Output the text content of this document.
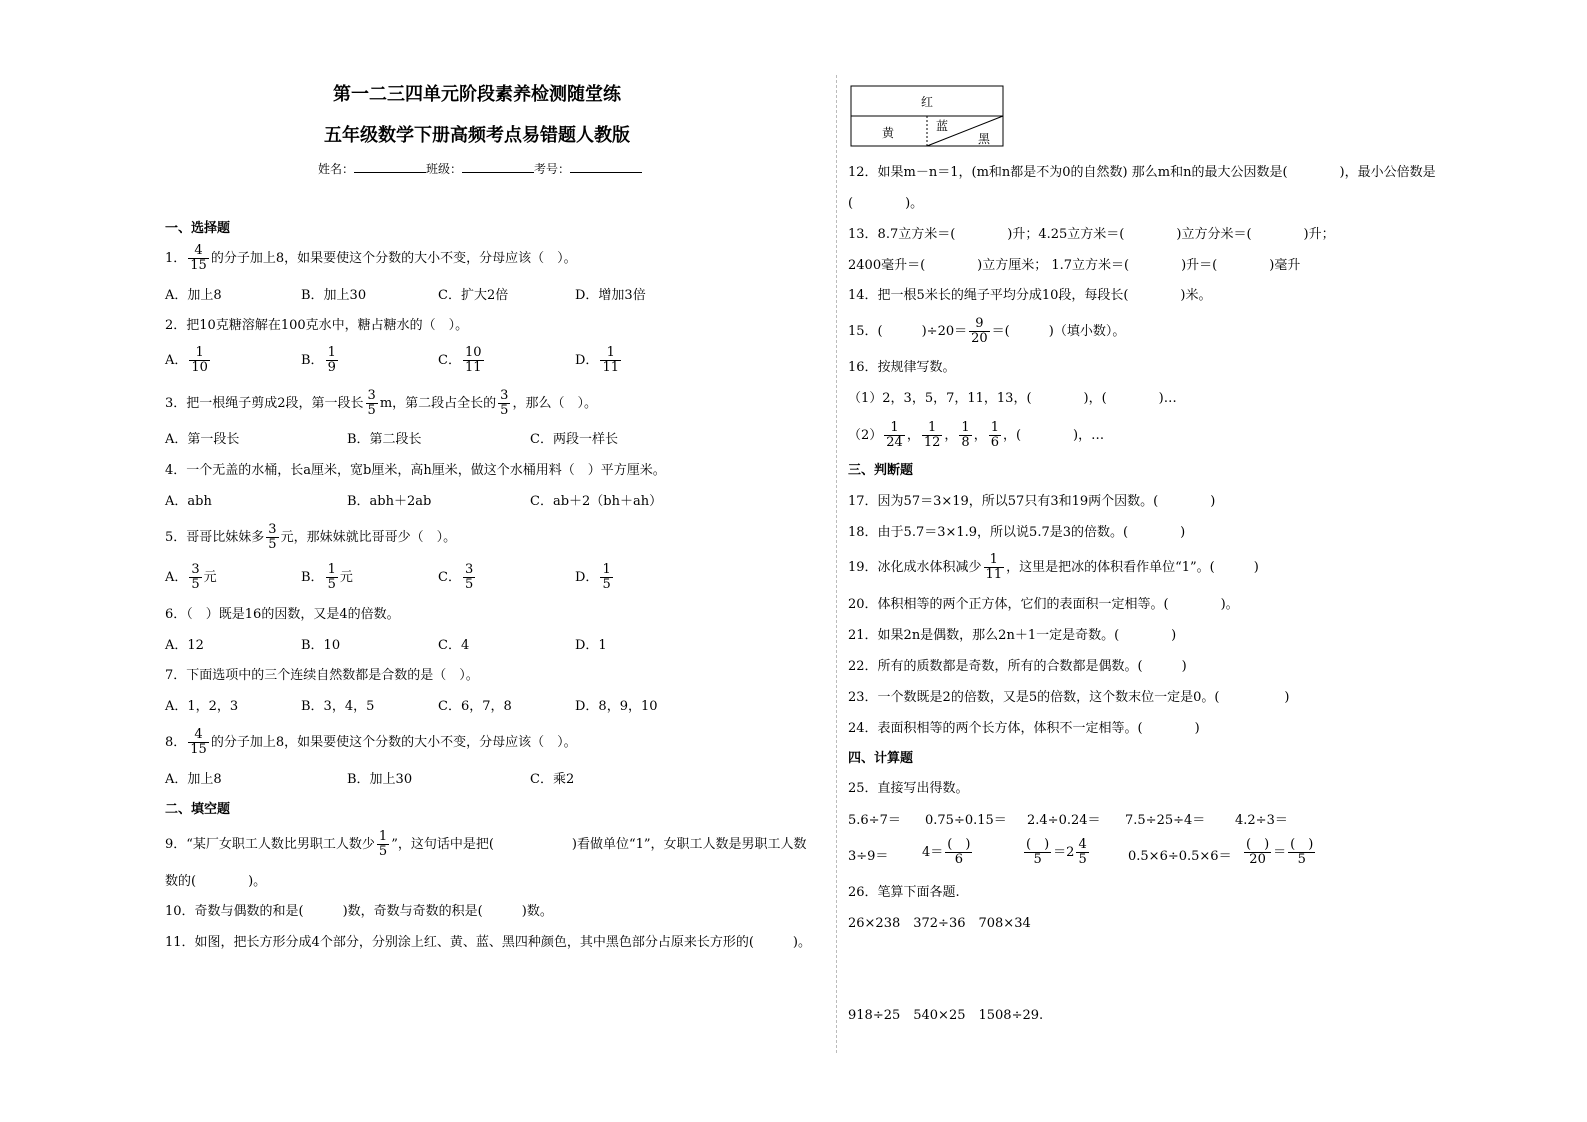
第一二三四单元阶段素养检测随堂练
五年级数学下册高频考点易错题人教版
姓名：	班级：	考号：
一、选择题
1． $\frac{4}{15}$ 的分子加上8，如果要使这个分数的大小不变，分母应该（　）。
A．加上8	B．加上30	C．扩大2倍	D．增加3倍
2．把10克糖溶解在100克水中，糖占糖水的（　）。
A． $\frac{1}{10}$	B． $\frac{1}{9}$	C． $\frac{10}{11}$	D． $\frac{1}{11}$
3．把一根绳子剪成2段，第一段长 $\frac{3}{5}$ m，第二段占全长的 $\frac{3}{5}$ ，那么（　）。
A．第一段长	B．第二段长	C．两段一样长
4．一个无盖的水桶，长a厘米，宽b厘米，高h厘米，做这个水桶用料（　）平方厘米。
A．abh	B．abh＋2ab	C．ab＋2（bh＋ah）
5．哥哥比妹妹多 $\frac{3}{5}$ 元，那妹妹就比哥哥少（　）。
A． $\frac{3}{5}$ 元	B． $\frac{1}{5}$ 元	C． $\frac{3}{5}$	D． $\frac{1}{5}$
6．（　）既是16的因数，又是4的倍数。
A．12	B．10	C．4	D．1
7．下面选项中的三个连续自然数都是合数的是（　）。
A．1，2，3	B．3，4，5	C．6，7，8	D．8，9，10
8． $\frac{4}{15}$ 的分子加上8，如果要使这个分数的大小不变，分母应该（　）。
A．加上8	B．加上30	C．乘2
二、填空题
9．“某厂女职工人数比男职工人数少 $\frac{1}{5}$ ”，这句话中是把(　　　　　　)看做单位“1”，女职工人数是男职工人数
数的(　　　　)。
10．奇数与偶数的和是(　　　)数，奇数与奇数的积是(　　　)数。
11．如图，把长方形分成4个部分，分别涂上红、黄、蓝、黑四种颜色，其中黑色部分占原来长方形的(　　　)。
红
黄	蓝
黑
12．如果m－n＝1，(m和n都是不为0的自然数) 那么m和n的最大公因数是(　　　　)，最小公倍数是
(　　　　)。
13．8.7立方米＝(　　　　)升；4.25立方米＝(　　　　)立方分米＝(　　　　)升；
2400毫升＝(　　　　)立方厘米； 1.7立方米＝(　　　　)升＝(　　　　)毫升
14．把一根5米长的绳子平均分成10段，每段长(　　　　)米。
15．(　　　)$\div 20= \frac{9}{20}$ ＝(　　　)（填小数）。
16．按规律写数。
（1）2，3，5，7，11，13，(　　　　)，(　　　　)…
$(2) \frac{1}{24}$ ， $\frac{1}{12}$ ， $\frac{1}{8}$ ， $\frac{1}{6}$ ，(　　　　)，…
三、判断题
17．因为57＝3×19，所以57只有3和19两个因数。(　　　　)
18．由于5.7＝3×1.9，所以说5.7是3的倍数。(　　　　)
19．冰化成水体积减少 $\frac{1}{11}$ ，这里是把冰的体积看作单位“1”。(　　　)
20．体积相等的两个正方体，它们的表面积一定相等。(　　　　)。
21．如果2n是偶数，那么2n＋1一定是奇数。(　　　　)
22．所有的质数都是奇数，所有的合数都是偶数。(　　　)
23．一个数既是2的倍数，又是5的倍数，这个数末位一定是0。(　　　　　)
24．表面积相等的两个长方体，体积不一定相等。(　　　　)
四、计算题
25．直接写出得数。
5.6÷7＝ 0.75÷0.15＝ 2.4÷0.24＝ 7.5÷25÷4＝ 4.2÷3＝
3÷9＝	$4= \frac{( )}{6}$	$\frac{( )}{5} =2 \frac{4}{5}$	$0.5\times 6\div 0.5\times 6= \frac{( )}{20} = \frac{( )}{5}$
26．笔算下面各题.
26×238　372÷36　708×34
918÷25　540×25　1508÷29.
